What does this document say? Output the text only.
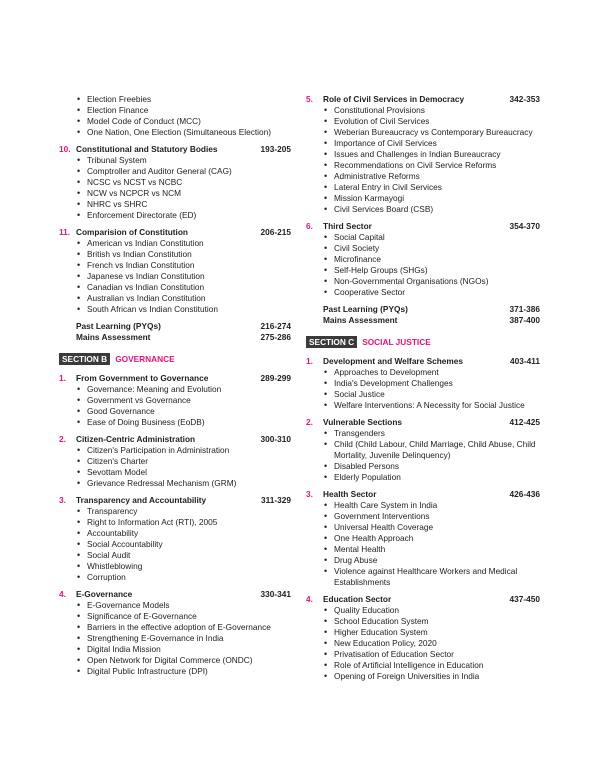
• Election Freebies
• Election Finance
• Model Code of Conduct (MCC)
• One Nation, One Election (Simultaneous Election)
10. Constitutional and Statutory Bodies	193-205
• Tribunal System
• Comptroller and Auditor General (CAG)
• NCSC vs NCST vs NCBC
• NCW vs NCPCR vs NCM
• NHRC vs SHRC
• Enforcement Directorate (ED)
11. Comparision of Constitution	206-215
• American vs Indian Constitution
• British vs Indian Constitution
• French vs Indian Constitution
• Japanese vs Indian Constitution
• Canadian vs Indian Constitution
• Australian vs Indian Constitution
• South African vs Indian Constitution
Past Learning (PYQs)	216-274
Mains Assessment	275-286
SECTION B GOVERNANCE
1.	From Government to Governance	289-299
• Governance: Meaning and Evolution
• Government vs Governance
• Good Governance
• Ease of Doing Business (EoDB)
2.	Citizen-Centric Administration	300-310
• Citizen's Participation in Administration
• Citizen's Charter
• Sevottam Model
• Grievance Redressal Mechanism (GRM)
3.	Transparency and Accountability	311-329
• Transparency
• Right to Information Act (RTI), 2005
• Accountability
• Social Accountability
• Social Audit
• Whistleblowing
• Corruption
4.	E-Governance	330-341
• E-Governance Models
• Significance of E-Governance
• Barriers in the effective adoption of E-Governance
• Strengthening E-Governance in India
• Digital India Mission
• Open Network for Digital Commerce (ONDC)
• Digital Public Infrastructure (DPI)
5.	Role of Civil Services in Democracy	342-353
• Constitutional Provisions
• Evolution of Civil Services
• Weberian Bureaucracy vs Contemporary Bureaucracy
• Importance of Civil Services
• Issues and Challenges in Indian Bureaucracy
• Recommendations on Civil Service Reforms
• Administrative Reforms
• Lateral Entry in Civil Services
• Mission Karmayogi
• Civil Services Board (CSB)
6.	Third Sector	354-370
• Social Capital
• Civil Society
• Microfinance
• Self-Help Groups (SHGs)
• Non-Governmental Organisations (NGOs)
• Cooperative Sector
Past Learning (PYQs)	371-386
Mains Assessment	387-400
SECTION C SOCIAL JUSTICE
1.	Development and Welfare Schemes	403-411
• Approaches to Development
• India's Development Challenges
• Social Justice
• Welfare Interventions: A Necessity for Social Justice
2.	Vulnerable Sections	412-425
• Transgenders
• Child (Child Labour, Child Marriage, Child Abuse, Child Mortality, Juvenile Delinquency)
• Disabled Persons
• Elderly Population
3.	Health Sector	426-436
• Health Care System in India
• Government Interventions
• Universal Health Coverage
• One Health Approach
• Mental Health
• Drug Abuse
• Violence against Healthcare Workers and Medical Establishments
4.	Education Sector	437-450
• Quality Education
• School Education System
• Higher Education System
• New Education Policy, 2020
• Privatisation of Education Sector
• Role of Artificial Intelligence in Education
• Opening of Foreign Universities in India
